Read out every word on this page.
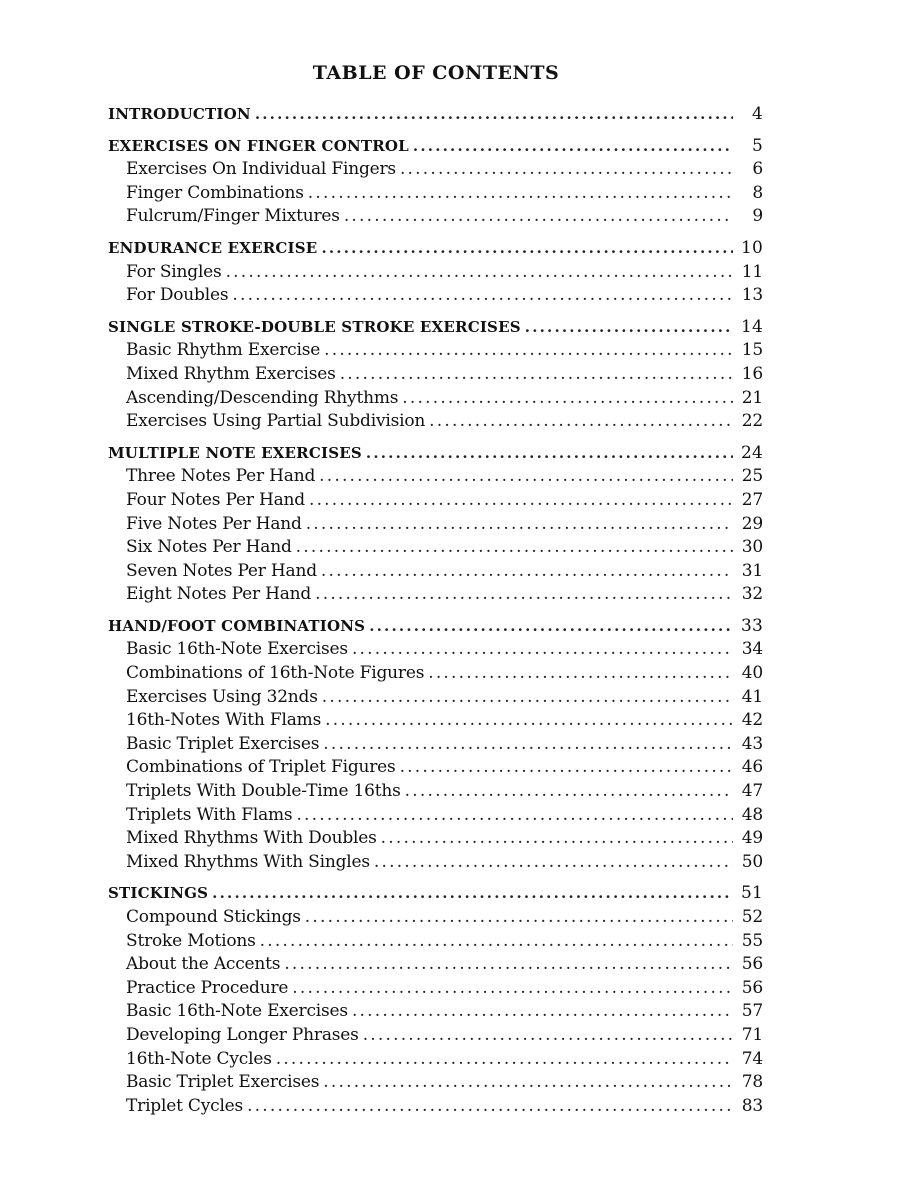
TABLE OF CONTENTS
INTRODUCTION .....	4
EXERCISES ON FINGER CONTROL .....	5
Exercises On Individual Fingers .....	6
Finger Combinations .....	8
Fulcrum/Finger Mixtures .....	9
ENDURANCE EXERCISE .....	10
For Singles .....	11
For Doubles .....	13
SINGLE STROKE-DOUBLE STROKE EXERCISES .....	14
Basic Rhythm Exercise .....	15
Mixed Rhythm Exercises .....	16
Ascending/Descending Rhythms .....	21
Exercises Using Partial Subdivision .....	22
MULTIPLE NOTE EXERCISES .....	24
Three Notes Per Hand .....	25
Four Notes Per Hand .....	27
Five Notes Per Hand .....	29
Six Notes Per Hand .....	30
Seven Notes Per Hand .....	31
Eight Notes Per Hand .....	32
HAND/FOOT COMBINATIONS .....	33
Basic 16th-Note Exercises .....	34
Combinations of 16th-Note Figures .....	40
Exercises Using 32nds .....	41
16th-Notes With Flams .....	42
Basic Triplet Exercises .....	43
Combinations of Triplet Figures .....	46
Triplets With Double-Time 16ths .....	47
Triplets With Flams .....	48
Mixed Rhythms With Doubles .....	49
Mixed Rhythms With Singles .....	50
STICKINGS .....	51
Compound Stickings .....	52
Stroke Motions .....	55
About the Accents .....	56
Practice Procedure .....	56
Basic 16th-Note Exercises .....	57
Developing Longer Phrases .....	71
16th-Note Cycles .....	74
Basic Triplet Exercises .....	78
Triplet Cycles .....	83
